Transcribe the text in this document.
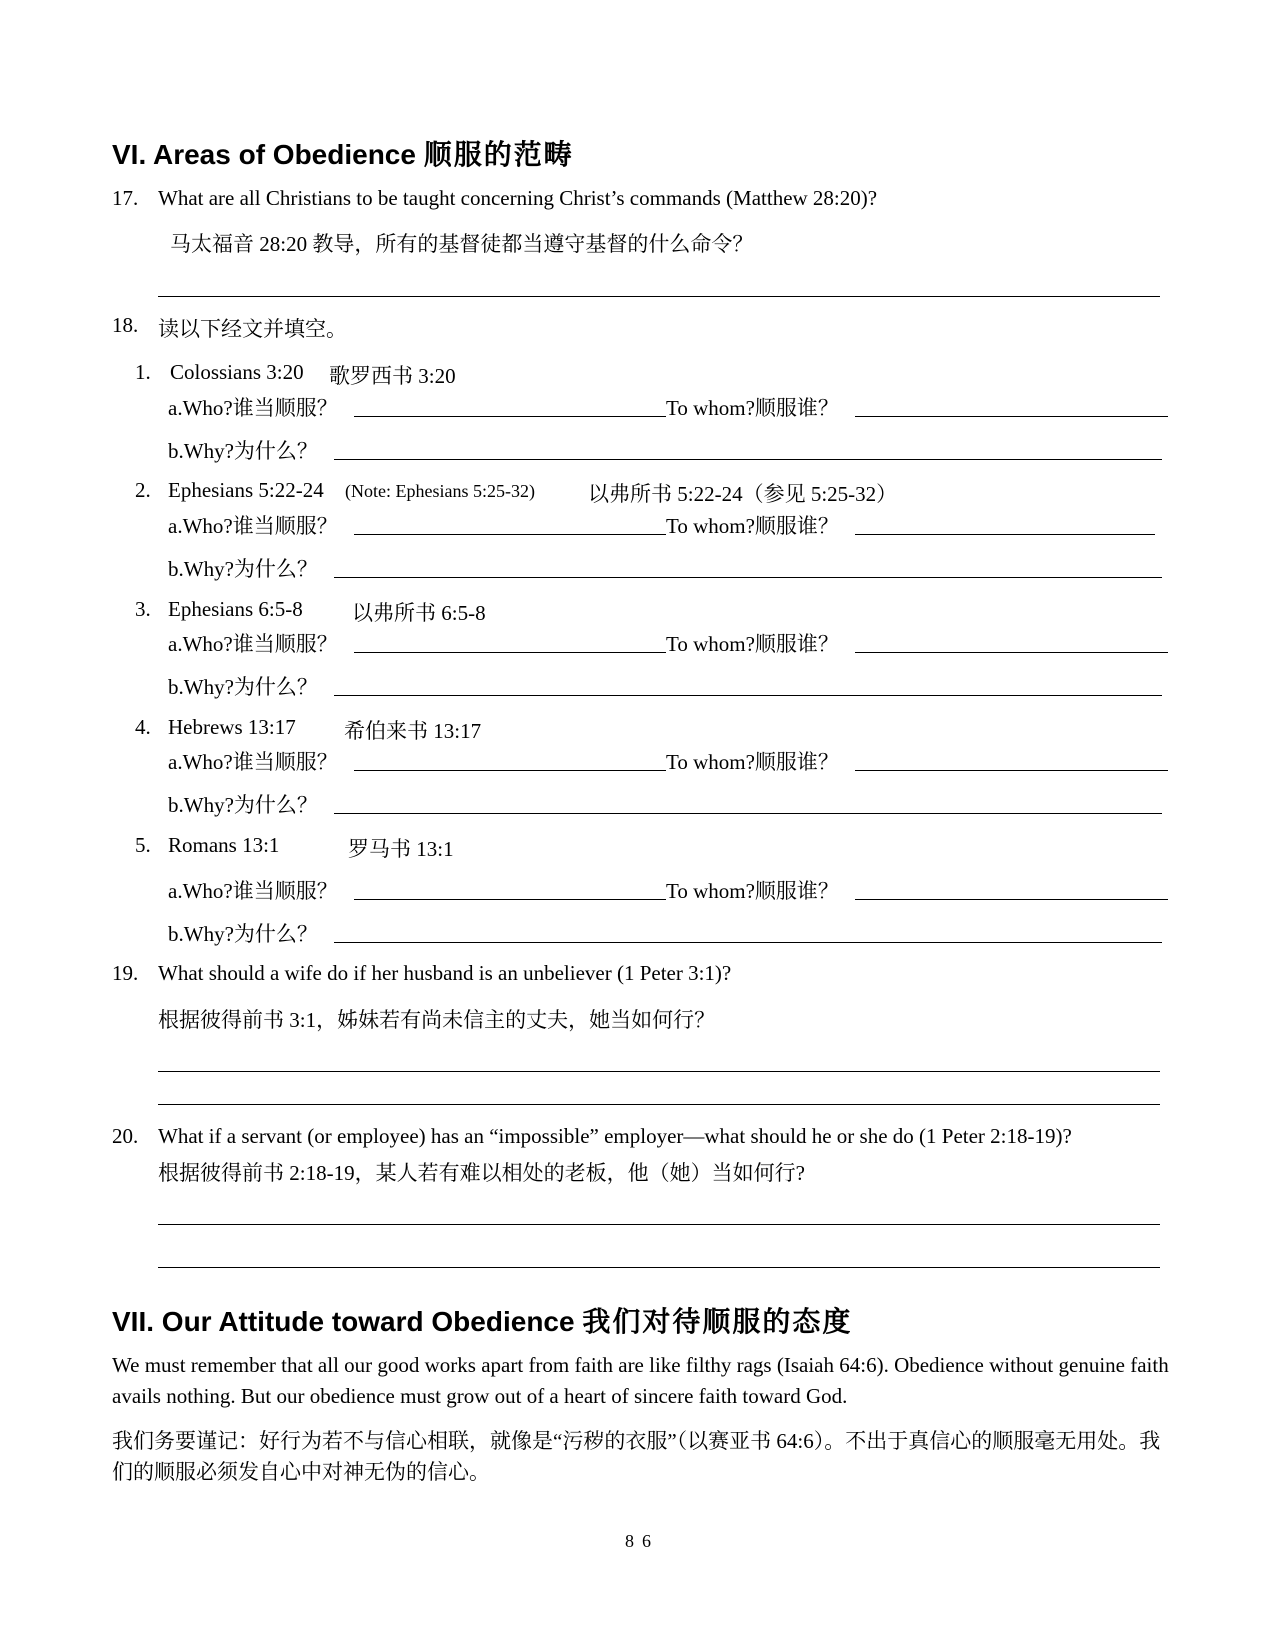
VI. Areas of Obedience 顺服的范畴
17. What are all Christians to be taught concerning Christ’s commands (Matthew 28:20)?
马太福音 28:20 教导，所有的基督徒都当遵守基督的什么命令？
18. 读以下经文并填空。
1. Colossians 3:20 歌罗西书 3:20
a.Who?谁当顺服？	To whom?顺服谁？
b.Why?为什么？
2. Ephesians 5:22-24 (Note: Ephesians 5:25-32)	以弗所书 5:22-24（参见 5:25-32）
a.Who?谁当顺服？	To whom?顺服谁？
b.Why?为什么？
3. Ephesians 6:5-8 以弗所书 6:5-8
a.Who?谁当顺服？	To whom?顺服谁？
b.Why?为什么？
4. Hebrews 13:17 希伯来书 13:17
a.Who?谁当顺服？	To whom?顺服谁？
b.Why?为什么？
5. Romans 13:1	罗马书 13:1
a.Who?谁当顺服？	To whom?顺服谁？
b.Why?为什么？
19. What should a wife do if her husband is an unbeliever (1 Peter 3:1)?
根据彼得前书 3:1，姊妹若有尚未信主的丈夫，她当如何行？
20. What if a servant (or employee) has an “impossible” employer—what should he or she do (1 Peter 2:18-19)?
根据彼得前书 2:18-19，某人若有难以相处的老板，他（她）当如何行?
VII. Our Attitude toward Obedience 我们对待顺服的态度
We must remember that all our good works apart from faith are like filthy rags (Isaiah 64:6). Obedience without genuine faith avails nothing. But our obedience must grow out of a heart of sincere faith toward God.
我们务要谨记：好行为若不与信心相联，就像是“污秽的衣服”（以赛亚书 64:6）。不出于真信心的顺服毫无用处。我们的顺服必须发自心中对神无伪的信心。
86
